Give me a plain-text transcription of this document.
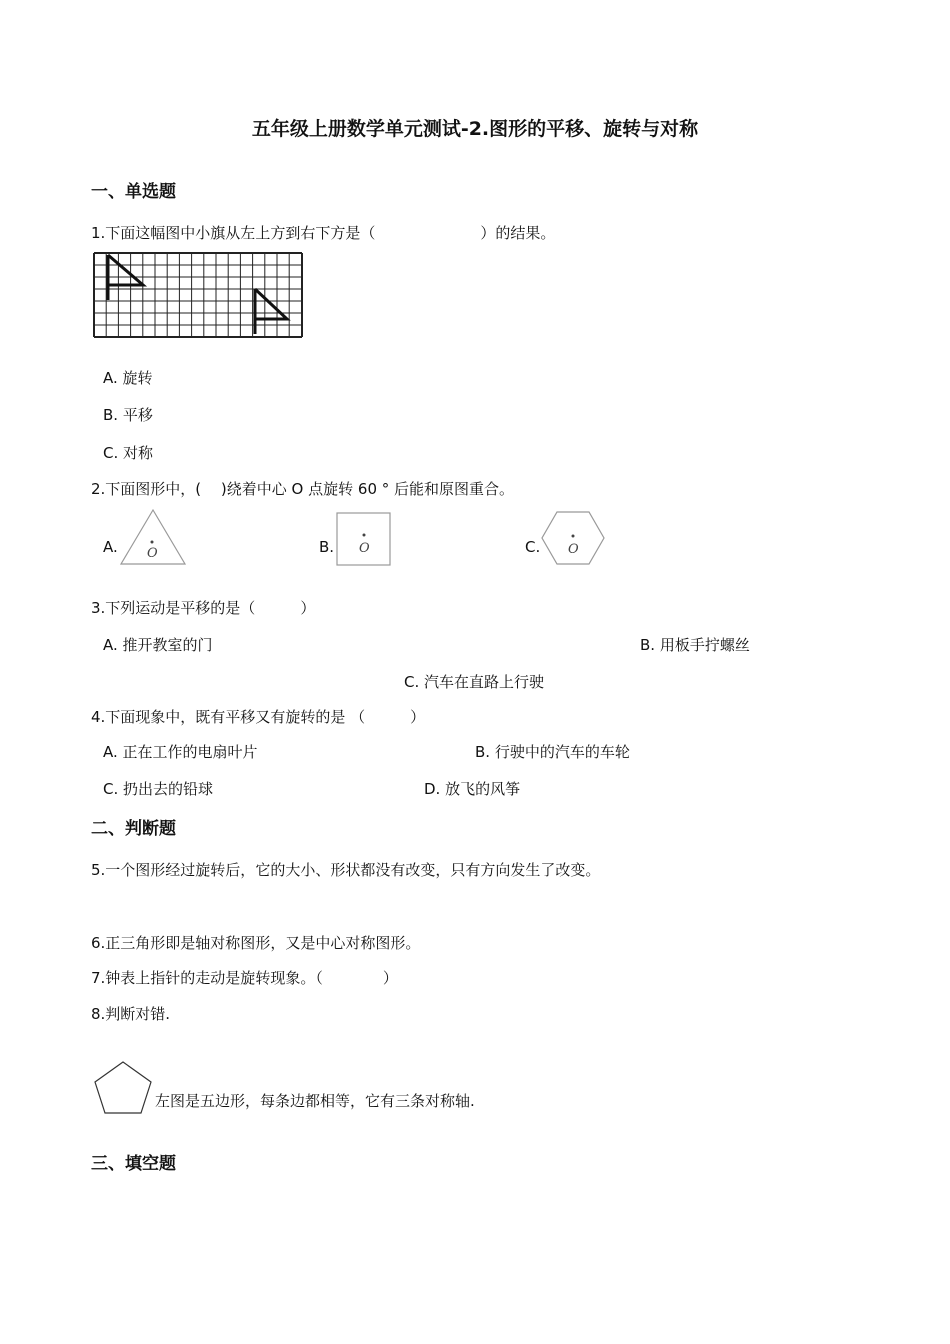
五年级上册数学单元测试-2.图形的平移、旋转与对称
一、单选题
1.下面这幅图中小旗从左上方到右下方是（　　　　　　　）的结果。
A. 旋转
B. 平移
C. 对称
2.下面图形中，(　 )绕着中心 O 点旋转 60 ° 后能和原图重合。
A. O	B. O	C. O
3.下列运动是平移的是（　　　）
A. 推开教室的门	B. 用板手拧螺丝
C. 汽车在直路上行驶
4.下面现象中，既有平移又有旋转的是 （　　　）
A. 正在工作的电扇叶片	B. 行驶中的汽车的车轮
C. 扔出去的铅球	D. 放飞的风筝
二、判断题
5.一个图形经过旋转后，它的大小、形状都没有改变，只有方向发生了改变。
6.正三角形即是轴对称图形，又是中心对称图形。
7.钟表上指针的走动是旋转现象。（　　　　）
8.判断对错.
左图是五边形，每条边都相等，它有三条对称轴.
三、填空题
